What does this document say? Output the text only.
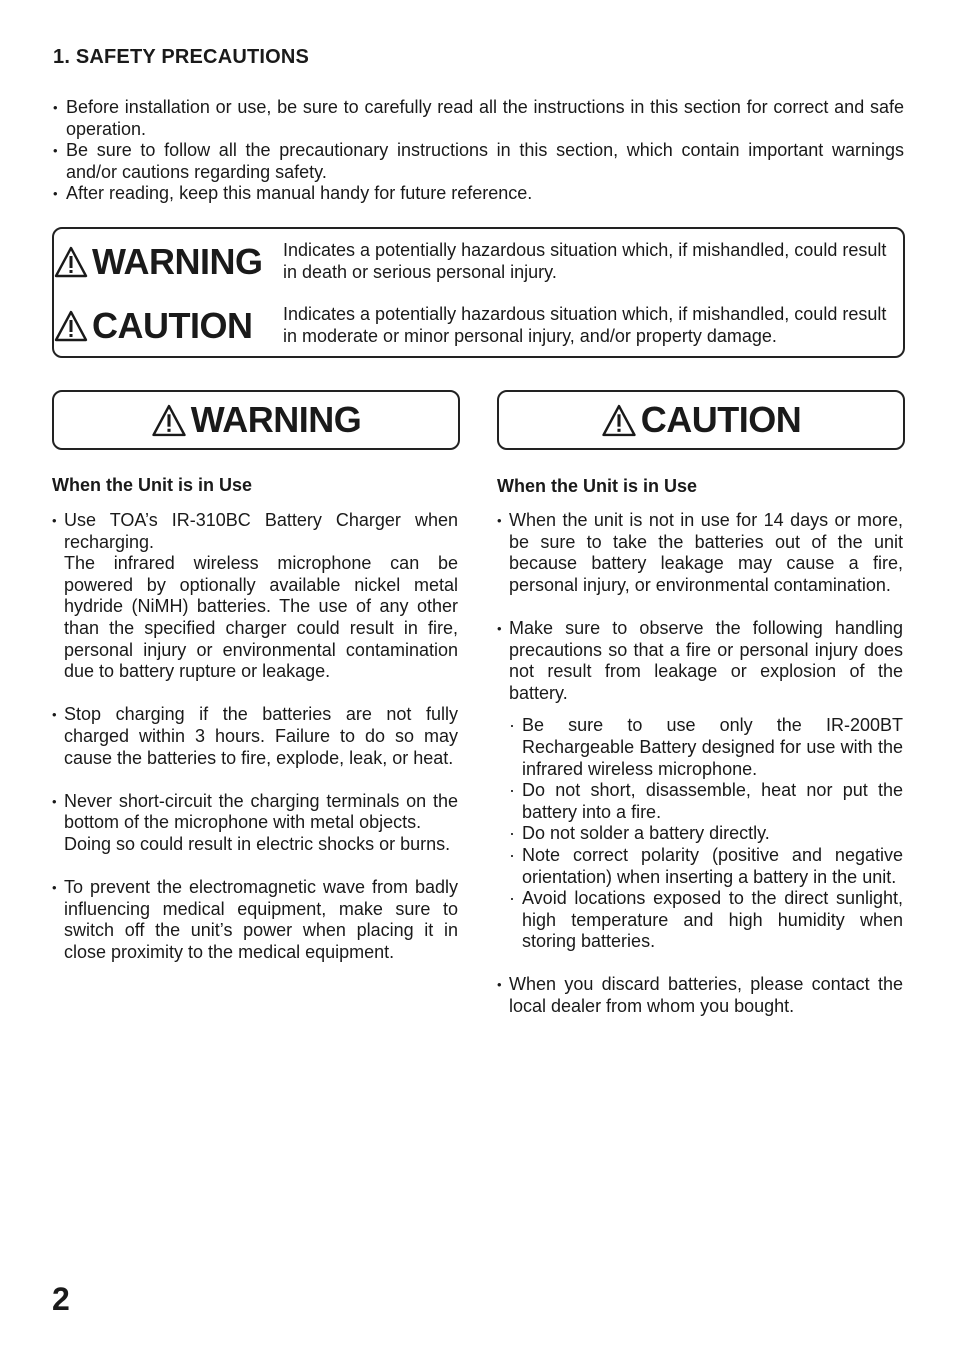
1. SAFETY PRECAUTIONS
• Before installation or use, be sure to carefully read all the instructions in this section for correct and safe operation.
• Be sure to follow all the precautionary instructions in this section, which contain important warnings and/or cautions regarding safety.
• After reading, keep this manual handy for future reference.
WARNING Indicates a potentially hazardous situation which, if mishandled, could result in death or serious personal injury.
CAUTION Indicates a potentially hazardous situation which, if mishandled, could result in moderate or minor personal injury, and/or property damage.
WARNING	CAUTION
When the Unit is in Use	When the Unit is in Use

• Use TOA’s IR-310BC Battery Charger when recharging.

The infrared wireless microphone can be powered by optionally available nickel metal hydride (NiMH) batteries. The use of any other than the specified charger could result in fire, personal injury or environmental contamination due to battery rupture or leakage.

• Stop charging if the batteries are not fully charged within 3 hours. Failure to do so may cause the batteries to fire, explode, leak, or heat.

• Never short-circuit the charging terminals on the bottom of the microphone with metal objects.

Doing so could result in electric shocks or burns.

• To prevent the electromagnetic wave from badly influencing medical equipment, make sure to switch off the unit’s power when placing it in close proximity to the medical equipment.

• When the unit is not in use for 14 days or more, be sure to take the batteries out of the unit because battery leakage may cause a fire, personal injury, or environmental contamination.

• Make sure to observe the following handling precautions so that a fire or personal injury does not result from leakage or explosion of the battery.

· Be sure to use only the IR-200BT Rechargeable Battery designed for use with the infrared wireless microphone.
· Do not short, disassemble, heat nor put the battery into a fire.
· Do not solder a battery directly.
· Note correct polarity (positive and negative orientation) when inserting a battery in the unit.
· Avoid locations exposed to the direct sunlight, high temperature and high humidity when storing batteries.

• When you discard batteries, please contact the local dealer from whom you bought.

2
